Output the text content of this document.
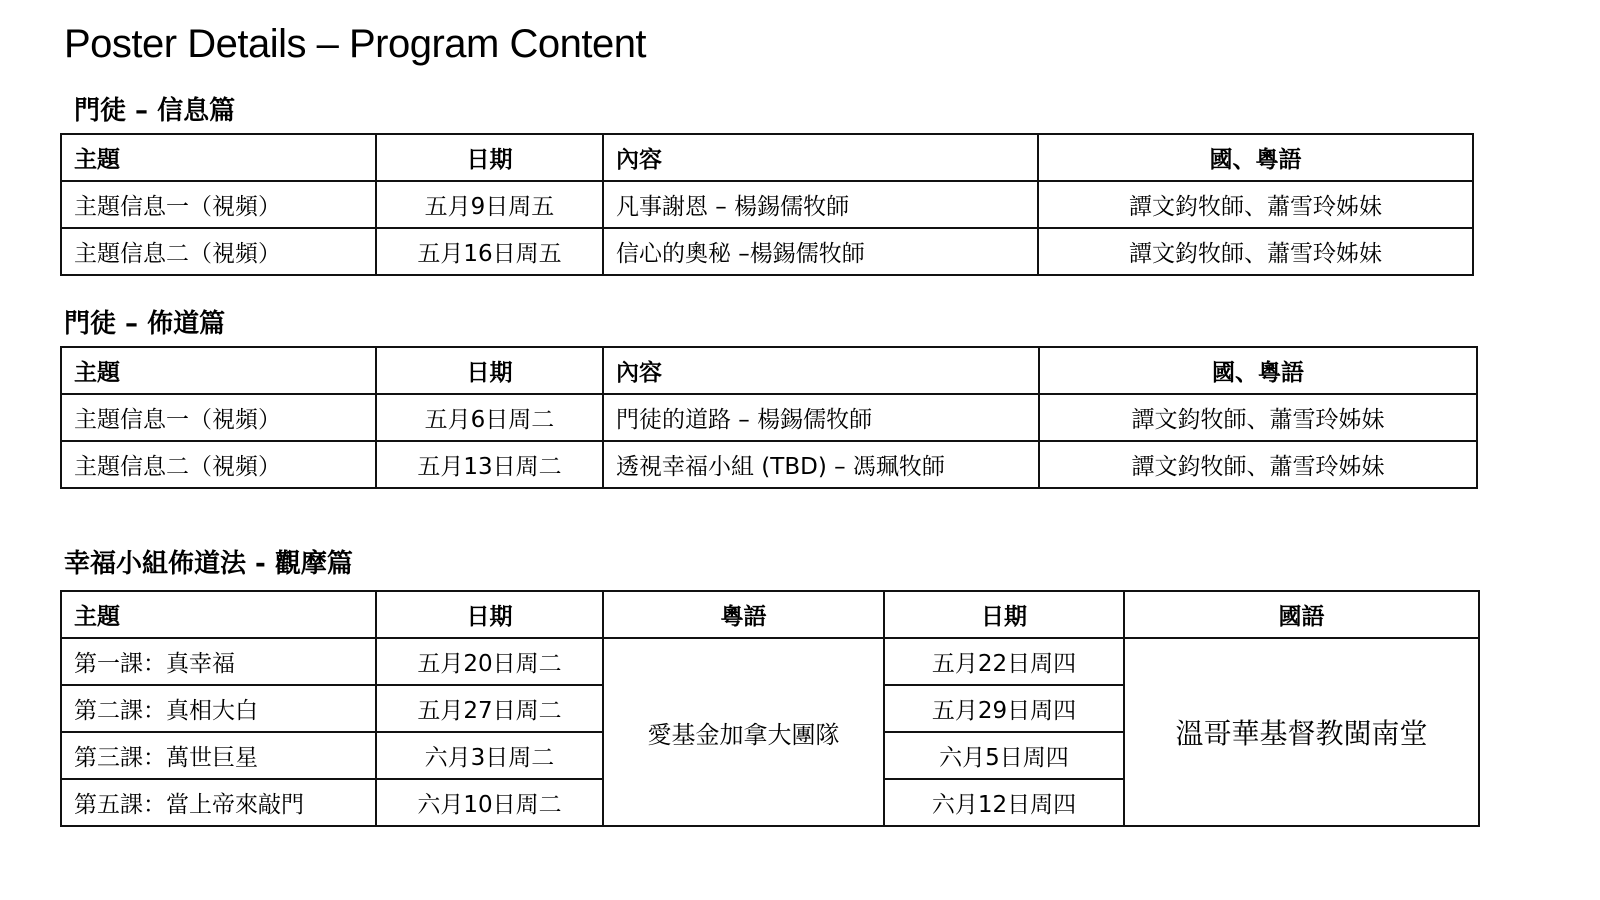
Poster Details – Program Content
門徒 – 信息篇
主題	日期	內容	國、粵語
主題信息一（視頻）	五月9日周五	凡事謝恩 – 楊錫儒牧師	譚文鈞牧師、蕭雪玲姊妹
主題信息二（視頻）	五月16日周五	信心的奧秘 –楊錫儒牧師	譚文鈞牧師、蕭雪玲姊妹
門徒 – 佈道篇
主題	日期	內容	國、粵語
主題信息一（視頻）	五月6日周二	門徒的道路 – 楊錫儒牧師	譚文鈞牧師、蕭雪玲姊妹
主題信息二（視頻）	五月13日周二	透視幸福小組 (TBD) – 馮珮牧師	譚文鈞牧師、蕭雪玲姊妹
幸福小組佈道法 - 觀摩篇
主題	日期	粵語	日期	國語
第一課：真幸福	五月20日周二	愛基金加拿大團隊	五月22日周四	溫哥華基督教閩南堂
第二課：真相大白	五月27日周二		五月29日周四	
第三課：萬世巨星	六月3日周二		六月5日周四	
第五課：當上帝來敲門	六月10日周二		六月12日周四	
